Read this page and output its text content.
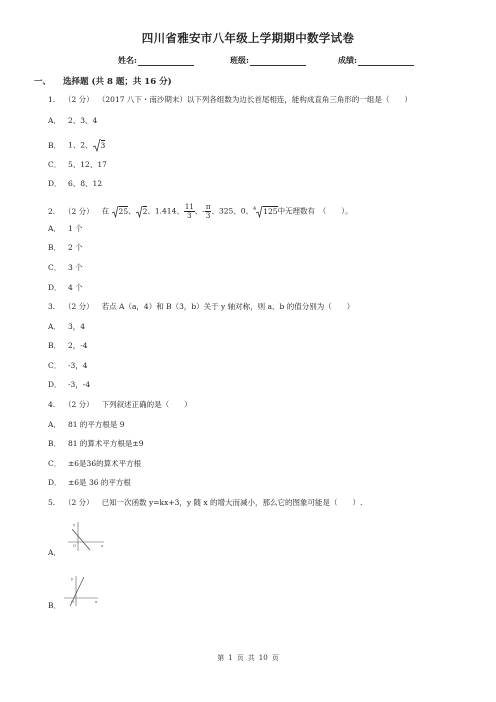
四川省雅安市八年级上学期期中数学试卷
姓名:	班级:	成绩:
一、 选择题 (共 8 题；共 16 分)
1. （2 分） （2017 八下・南沙期末）以下列各组数为边长首尾相连，能构成直角三角形的一组是（　　）
A． 2、3、4
B． 1、2、 3
C． 5、12、17
D． 6、8、12
2. （2 分） 在 25、 2、1.414、 $\frac{11}{3}$ 、- $\frac{\pi}{3}$ 、325、0、$^4$ 125中无理数有　（　　）。
A． 1 个
B． 2 个
C． 3 个
D． 4 个
3. （2 分） 若点 A（a，4）和 B（3，b）关于 y 轴对称，则 a、b 的值分别为（　　）
A． 3，4
B． 2，-4
C． -3，4
D． -3，-4
4. （2 分） 下列叙述正确的是（　　）
A． 81 的平方根是 9
B． 81 的算术平方根是±9
C． ±6是36的算术平方根
D． ±6是 36 的平方根
5. （2 分） 已知一次函数 y=kx+3，y 随 x 的增大而减小，那么它的图象可能是（　　）.
y
x
O
A．
y
x
O
B．
第 1 页 共 10 页
